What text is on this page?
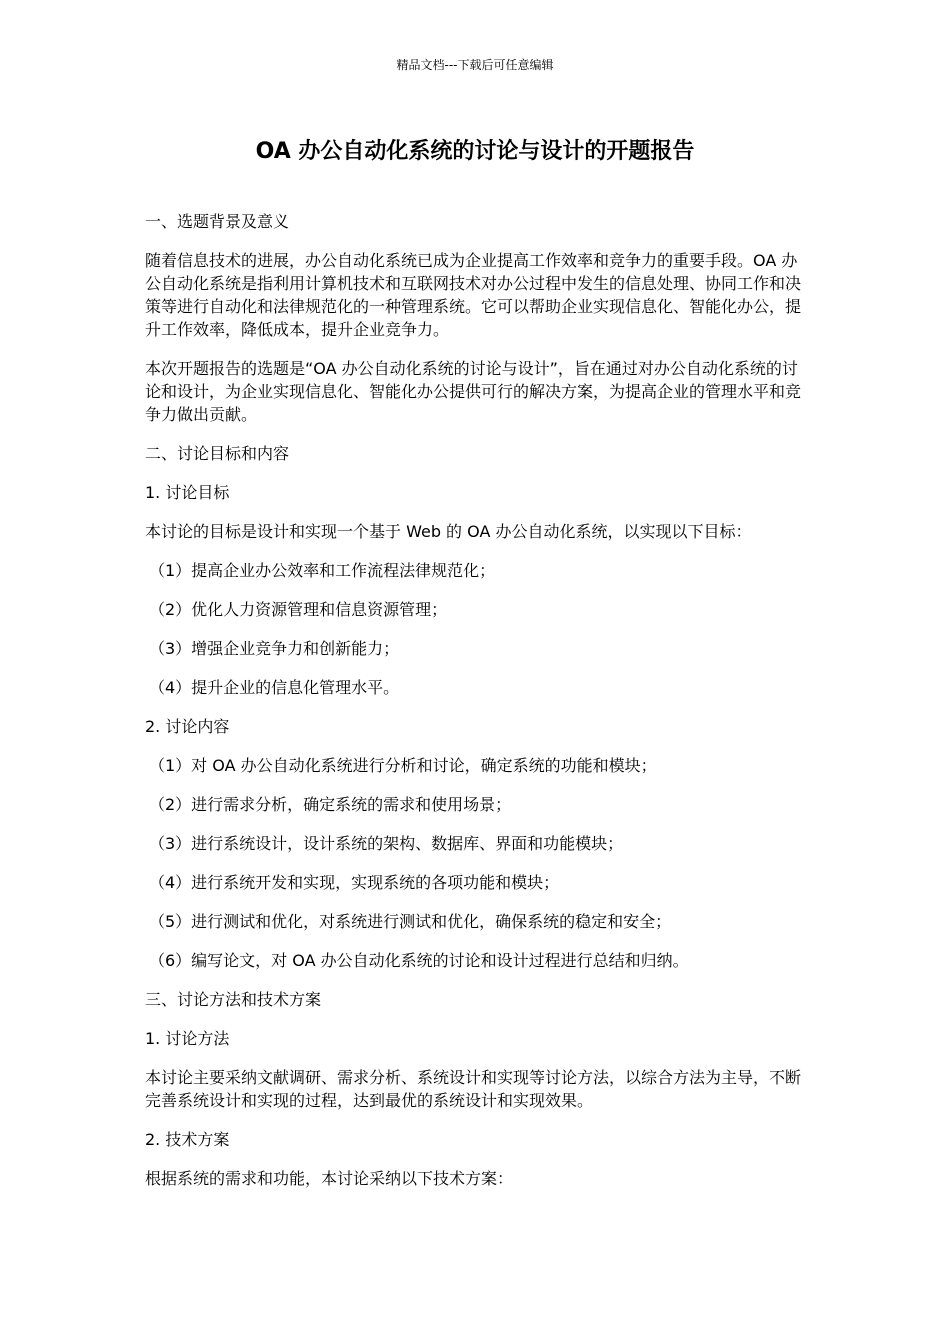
精品文档---下载后可任意编辑
OA 办公自动化系统的讨论与设计的开题报告

一、选题背景及意义

随着信息技术的进展，办公自动化系统已成为企业提高工作效率和竞争力的重要手段。OA 办公自动化系统是指利用计算机技术和互联网技术对办公过程中发生的信息处理、协同工作和决策等进行自动化和法律规范化的一种管理系统。它可以帮助企业实现信息化、智能化办公，提升工作效率，降低成本，提升企业竞争力。

本次开题报告的选题是“OA 办公自动化系统的讨论与设计”，旨在通过对办公自动化系统的讨论和设计，为企业实现信息化、智能化办公提供可行的解决方案，为提高企业的管理水平和竞争力做出贡献。

二、讨论目标和内容

1. 讨论目标

本讨论的目标是设计和实现一个基于 Web 的 OA 办公自动化系统，以实现以下目标：

（1）提高企业办公效率和工作流程法律规范化；

（2）优化人力资源管理和信息资源管理；

（3）增强企业竞争力和创新能力；

（4）提升企业的信息化管理水平。

2. 讨论内容

（1）对 OA 办公自动化系统进行分析和讨论，确定系统的功能和模块；

（2）进行需求分析，确定系统的需求和使用场景；

（3）进行系统设计，设计系统的架构、数据库、界面和功能模块；

（4）进行系统开发和实现，实现系统的各项功能和模块；

（5）进行测试和优化，对系统进行测试和优化，确保系统的稳定和安全；

（6）编写论文，对 OA 办公自动化系统的讨论和设计过程进行总结和归纳。

三、讨论方法和技术方案

1. 讨论方法

本讨论主要采纳文献调研、需求分析、系统设计和实现等讨论方法，以综合方法为主导，不断完善系统设计和实现的过程，达到最优的系统设计和实现效果。

2. 技术方案

根据系统的需求和功能，本讨论采纳以下技术方案：
